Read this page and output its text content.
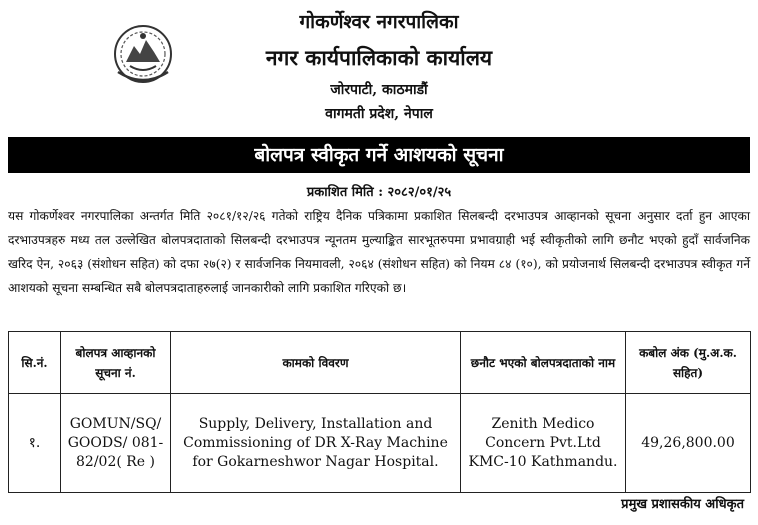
गोकर्णेश्वर नगरपालिका
नगर कार्यपालिकाको कार्यालय
जोरपाटी, काठमाडौं
वागमती प्रदेश, नेपाल
बोलपत्र स्वीकृत गर्ने आशयको सूचना
प्रकाशित मिति : २०८२/०१/२५
यस गोकर्णेश्वर नगरपालिका अन्तर्गत मिति २०८१/१२/२६ गतेको राष्ट्रिय दैनिक पत्रिकामा प्रकाशित सिलबन्दी दरभाउपत्र आव्हानको सूचना अनुसार दर्ता हुन आएका दरभाउपत्रहरु मध्य तल उल्लेखित बोलपत्रदाताको सिलबन्दी दरभाउपत्र न्यूनतम मुल्याङ्कित सारभूतरुपमा प्रभावग्राही भई स्वीकृतीको लागि छनौट भएको हुदाँ सार्वजनिक खरिद ऐन, २०६३ (संशोधन सहित) को दफा २७(२) र सार्वजनिक नियमावली, २०६४ (संशोधन सहित) को नियम ८४ (१०), को प्रयोजनार्थ सिलबन्दी दरभाउपत्र स्वीकृत गर्ने आशयको सूचना सम्बन्धित सबै बोलपत्रदाताहरुलाई जानकारीको लागि प्रकाशित गरिएको छ।
सि.नं.	बोलपत्र आव्हानको सूचना नं.	कामको विवरण	छनौट भएको बोलपत्रदाताको नाम	कबोल अंक (मु.अ.क. सहित)
१.	GOMUN/SQ/ GOODS/ 081-82/02( Re )	Supply, Delivery, Installation and Commissioning of DR X-Ray Machine for Gokarneshwor Nagar Hospital.	Zenith Medico Concern Pvt.Ltd KMC-10 Kathmandu.	49,26,800.00
प्रमुख प्रशासकीय अधिकृत
